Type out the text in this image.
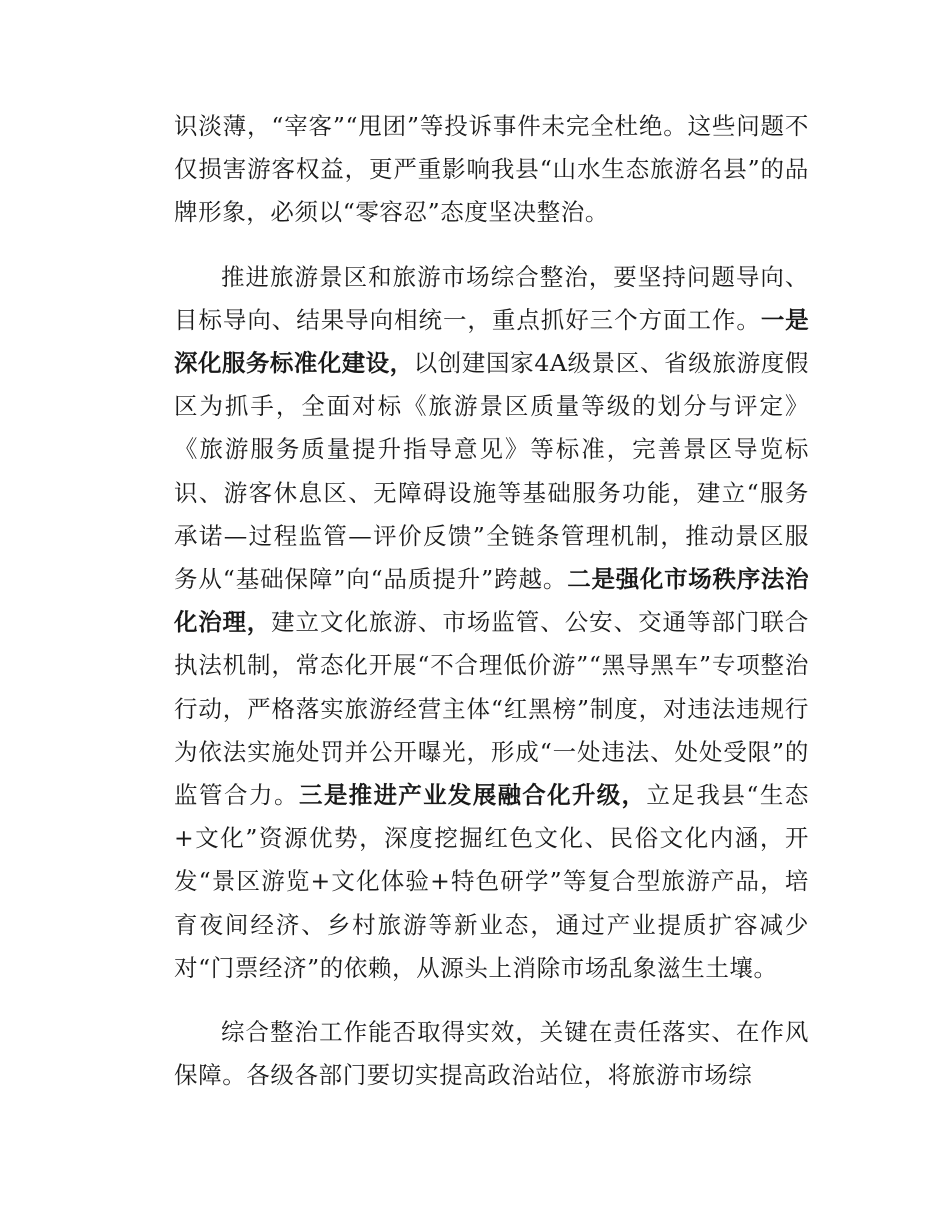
识淡薄，“宰客”“甩团”等投诉事件未完全杜绝。这些问题不仅损害游客权益，更严重影响我县“山水生态旅游名县”的品牌形象，必须以“零容忍”态度坚决整治。

推进旅游景区和旅游市场综合整治，要坚持问题导向、目标导向、结果导向相统一，重点抓好三个方面工作。一是深化服务标准化建设，以创建国家4A级景区、省级旅游度假区为抓手，全面对标《旅游景区质量等级的划分与评定》《旅游服务质量提升指导意见》等标准，完善景区导览标识、游客休息区、无障碍设施等基础服务功能，建立“服务承诺—过程监管—评价反馈”全链条管理机制，推动景区服务从“基础保障”向“品质提升”跨越。二是强化市场秩序法治化治理，建立文化旅游、市场监管、公安、交通等部门联合执法机制，常态化开展“不合理低价游”“黑导黑车”专项整治行动，严格落实旅游经营主体“红黑榜”制度，对违法违规行为依法实施处罚并公开曝光，形成“一处违法、处处受限”的监管合力。三是推进产业发展融合化升级，立足我县“生态+文化”资源优势，深度挖掘红色文化、民俗文化内涵，开发“景区游览+文化体验+特色研学”等复合型旅游产品，培育夜间经济、乡村旅游等新业态，通过产业提质扩容减少对“门票经济”的依赖，从源头上消除市场乱象滋生土壤。

综合整治工作能否取得实效，关键在责任落实、在作风保障。各级各部门要切实提高政治站位，将旅游市场综
